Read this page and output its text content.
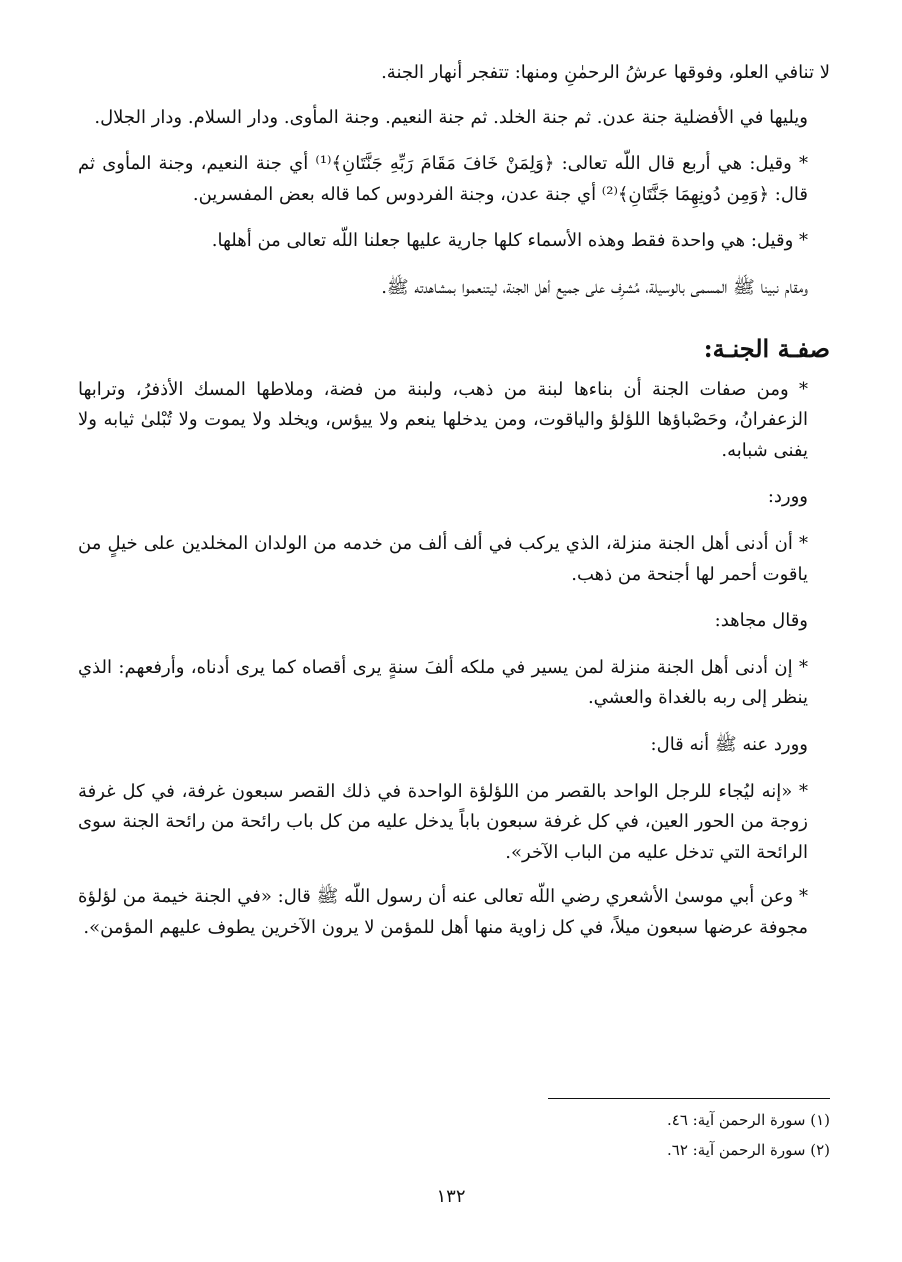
لا تنافي العلو، وفوقها عرشُ الرحمٰنِ ومنها: تتفجر أنهار الجنة.

ويليها في الأفضلية جنة عدن. ثم جنة الخلد. ثم جنة النعيم. وجنة المأوى. ودار السلام. ودار الجلال.

* وقيل: هي أربع قال اللّه تعالى: ﴿وَلِمَنْ خَافَ مَقَامَ رَبِّهِ جَنَّتَانِ﴾⁽¹⁾ أي جنة النعيم، وجنة المأوى ثم قال: ﴿وَمِن دُونِهِمَا جَنَّتَانِ﴾⁽²⁾ أي جنة عدن، وجنة الفردوس كما قاله بعض المفسرين.

* وقيل: هي واحدة فقط وهذه الأسماء كلها جارية عليها جعلنا اللّه تعالى من أهلها.

ومقام نبينا ﷺ المسمى بالوسيلة، مُشرِف على جميع أهل الجنة، ليتنعموا بمشاهدته ﷺ.

صفـة الجنـة:

* ومن صفات الجنة أن بناءها لبنة من ذهب، ولبنة من فضة، وملاطها المسك الأذفرُ، وترابها الزعفرانُ، وحَصْباؤها اللؤلؤ والياقوت، ومن يدخلها ينعم ولا ييؤس، ويخلد ولا يموت ولا تُبْلىٰ ثيابه ولا يفنى شبابه.

وورد:

* أن أدنى أهل الجنة منزلة، الذي يركب في ألف ألف من خدمه من الولدان المخلدين على خيلٍ من ياقوت أحمر لها أجنحة من ذهب.

وقال مجاهد:

* إن أدنى أهل الجنة منزلة لمن يسير في ملكه ألفَ سنةٍ يرى أقصاه كما يرى أدناه، وأرفعهم: الذي ينظر إلى ربه بالغداة والعشي.

وورد عنه ﷺ أنه قال:

* «إنه ليُجاء للرجل الواحد بالقصر من اللؤلؤة الواحدة في ذلك القصر سبعون غرفة، في كل غرفة زوجة من الحور العين، في كل غرفة سبعون باباً يدخل عليه من كل باب رائحة من رائحة الجنة سوى الرائحة التي تدخل عليه من الباب الآخر».

* وعن أبي موسىٰ الأشعري رضي اللّه تعالى عنه أن رسول اللّه ﷺ قال: «في الجنة خيمة من لؤلؤة مجوفة عرضها سبعون ميلاً، في كل زاوية منها أهل للمؤمن لا يرون الآخرين يطوف عليهم المؤمن».

(١) سورة الرحمن آية: ٤٦.
(٢) سورة الرحمن آية: ٦٢.
١٣٢
